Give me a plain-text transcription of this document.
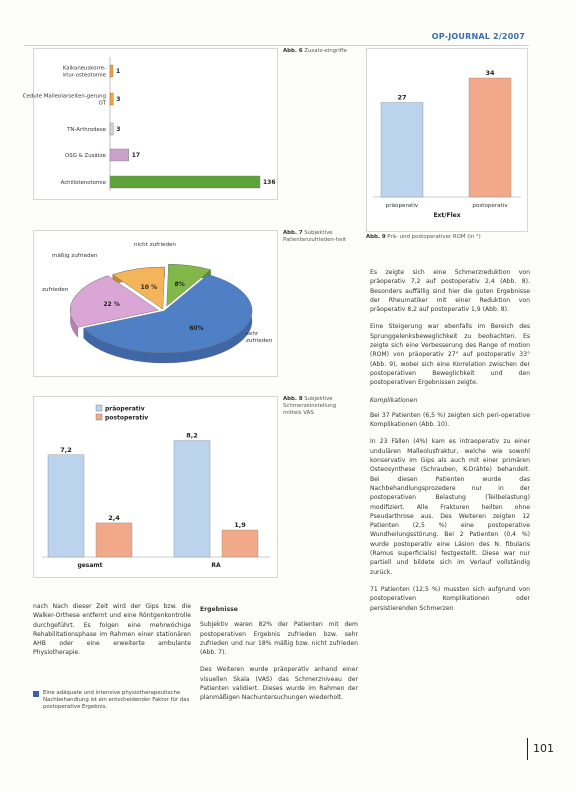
OP-JOURNAL 2/2007
Kalkaneuskorre-ktur-osteotomie
1
Cedute Malleolarseiten-gerung OT
3
TN-Arthrodese 3
OSG & Zusätze	17
Achillotenotomie	136
Abb. 6 Zusatz-eingriffe
27
präoperativ
34
postoperativ
Ext/Flex
Abb. 9 Prä- und postoperativer ROM (in °)
60%
22 %
10 %	8%
sehr zufrieden
zufrieden
mäßig zufrieden
nicht zufrieden
Abb. 7 Subjektive Patientenzufrieden-heit
7,2
2,4
gesamt
8,2
1,9
RA
präoperativ
postoperativ
Abb. 8 Subjektive Schmerzeinstellung mittels VAS

Es zeigte sich eine Schmerzreduktion von präoperativ 7,2 auf postoperativ 2,4 (Abb. 8). Besonders auffällig sind hier die guten Ergebnisse der Rheumatiker mit einer Reduktion von präoperativ 8,2 auf postoperativ 1,9 (Abb. 8).

Eine Steigerung war ebenfalls im Bereich des Sprunggelenksbeweglichkeit zu beobachten. Es zeigte sich eine Verbesserung des Range of motion (ROM) von präoperativ 27° auf postoperativ 33° (Abb. 9), wobei sich eine Korrelation zwischen der postoperativen Beweglichkeit und den postoperativen Ergebnissen zeigte.

Komplikationen

Bei 37 Patienten (6,5 %) zeigten sich peri-operative Komplikationen (Abb. 10).

In 23 Fällen (4%) kam es intraoperativ zu einer undulären Malleolusfraktur, welche wie sowohl konservativ im Gips als auch mit einer primären Osteosynthese (Schrauben, K-Drähte) behandelt. Bei diesen Patienten wurde das Nachbehandlungsprozedere nur in der postoperativen Belastung (Teilbelastung) modifiziert. Alle Frakturen heilten ohne Pseudarthrose aus. Des Weiteren zeigten 12 Patienten (2,5 %) eine postoperative Wundheilungsstörung. Bei 2 Patienten (0,4 %) wurde postoperativ eine Läsion des N. fibularis (Ramus superficialis) festgestellt. Diese war nur partiell und bildete sich im Verlauf vollständig zurück.

71 Patienten (12,5 %) mussten sich aufgrund von postoperativen Komplikationen oder persistierenden Schmerzen

nach Nach dieser Zeit wird der Gips bzw. die Walker-Orthese entfernt und eine Röntgenkontrolle durchgeführt. Es folgen eine mehrwöchige Rehabilitationsphase im Rahmen einer stationären AHB oder eine erweiterte ambulante Physiotherapie.

Eine adäquate und intensive physiotherapeutische Nachbehandlung ist ein entscheidender Faktor für das postoperative Ergebnis.

Ergebnisse

Subjektiv waren 82% der Patienten mit dem postoperativen Ergebnis zufrieden bzw. sehr zufrieden und nur 18% mäßig bzw. nicht zufrieden (Abb. 7).

Des Weiteren wurde präoperativ anhand einer visuellen Skala (VAS) das Schmerzniveau der Patienten validiert. Dieses wurde im Rahmen der planmäßigen Nachuntersuchungen wiederholt.

101
